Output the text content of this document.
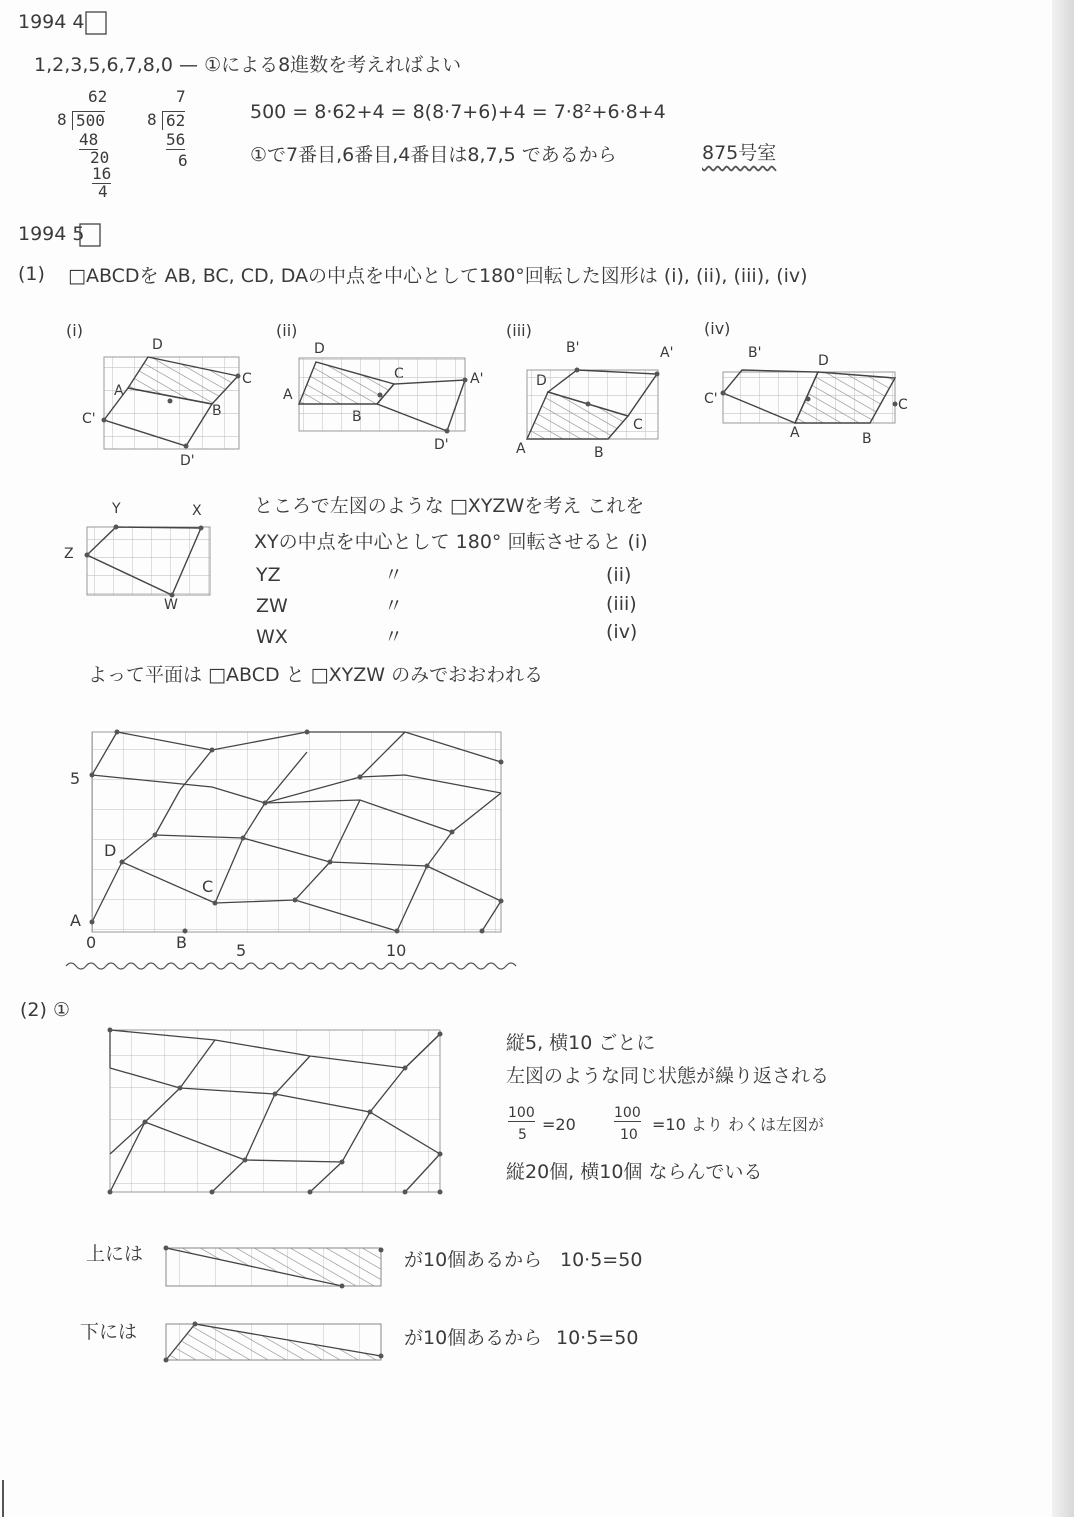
1994 4
1,2,3,5,6,7,8,0 — ①による8進数を考えればよい
62
8 500
48
20
16
4
7
8 62
56
6
500 = 8·62+4 = 8(8·7+6)+4 = 7·8²+6·8+4
①で7番目,6番目,4番目は8,7,5 であるから	875号室
1994 5
(1) □ABCDを AB, BC, CD, DAの中点を中心として180°回転した図形は (i), (ii), (iii), (iv)
(i)	(ii)	(iii)	(iv)
D
C
C'
D'
D
A
A'
D'
B'	A'
A	B
B'	D
C'	C
A	B
Y	X
Z
W
ところで左図のような □XYZWを考え これを
XYの中点を中心として 180° 回転させると (i)
YZ	〃	(ii)
ZW	〃	(iii)
WX	〃	(iv)
よって平面は □ABCD と □XYZW のみでおおわれる
5
A
0	B	5	10
(2) ①
縦5, 横10 ごとに
左図のような同じ状態が繰り返される
100
5
=20
100
10
=10 より わくは左図が
縦20個, 横10個 ならんでいる
上には	が10個あるから 10·5=50
下には	が10個あるから 10·5=50
